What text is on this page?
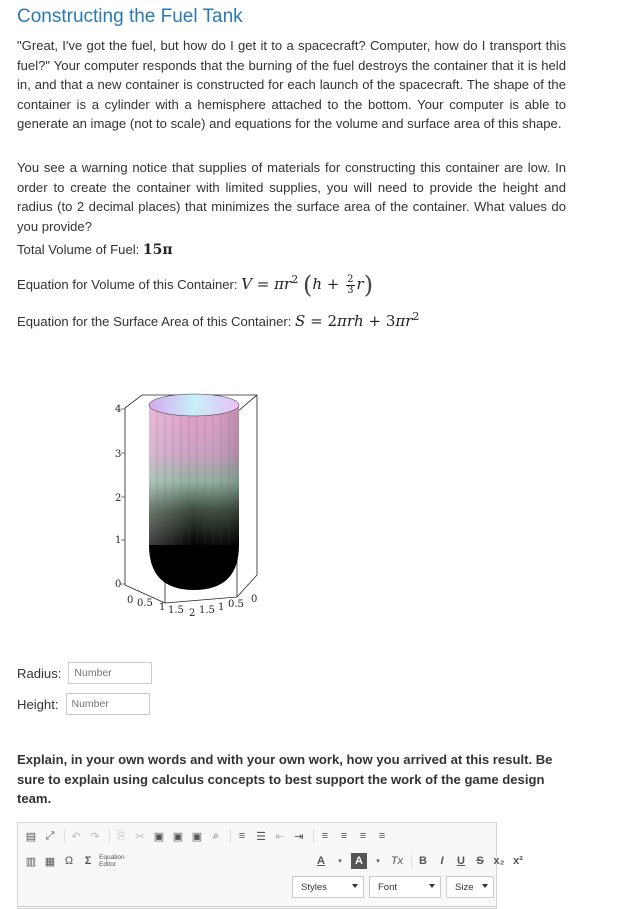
Constructing the Fuel Tank

"Great, I've got the fuel, but how do I get it to a spacecraft? Computer, how do I transport this fuel?" Your computer responds that the burning of the fuel destroys the container that it is held in, and that a new container is constructed for each launch of the spacecraft. The shape of the container is a cylinder with a hemisphere attached to the bottom. Your computer is able to generate an image (not to scale) and equations for the volume and surface area of this shape.

You see a warning notice that supplies of materials for constructing this container are low. In order to create the container with limited supplies, you will need to provide the height and radius (to 2 decimal places) that minimizes the surface area of the container. What values do you provide?

Total Volume of Fuel: 15π
Equation for Volume of this Container: $V = \pi r^2$ $(h + \frac{2}{3} r)$
Equation for the Surface Area of this Container: $S = 2\pi rh + 3\pi r^2$
4
3
2
1
0
0 0.5 1 1.5 2 1.5 1 0.5 0
Radius:
Number
Height:
Number

Explain, in your own words and with your own work, how you arrived at this result. Be sure to explain using calculus concepts to best support the work of the game design team.

▤ ⤢	↶ ↷	⎘ ✂ ▣ ▣ ▣ ⌕	≡ ☰ ⇤ ⇥	≡	≡	≡	≡
▥ ▦ Ω	Σ	Equation
Editor	A	▾	A	▾	Tx	B	I	U	S x₂ x²
Styles	Font	Size
